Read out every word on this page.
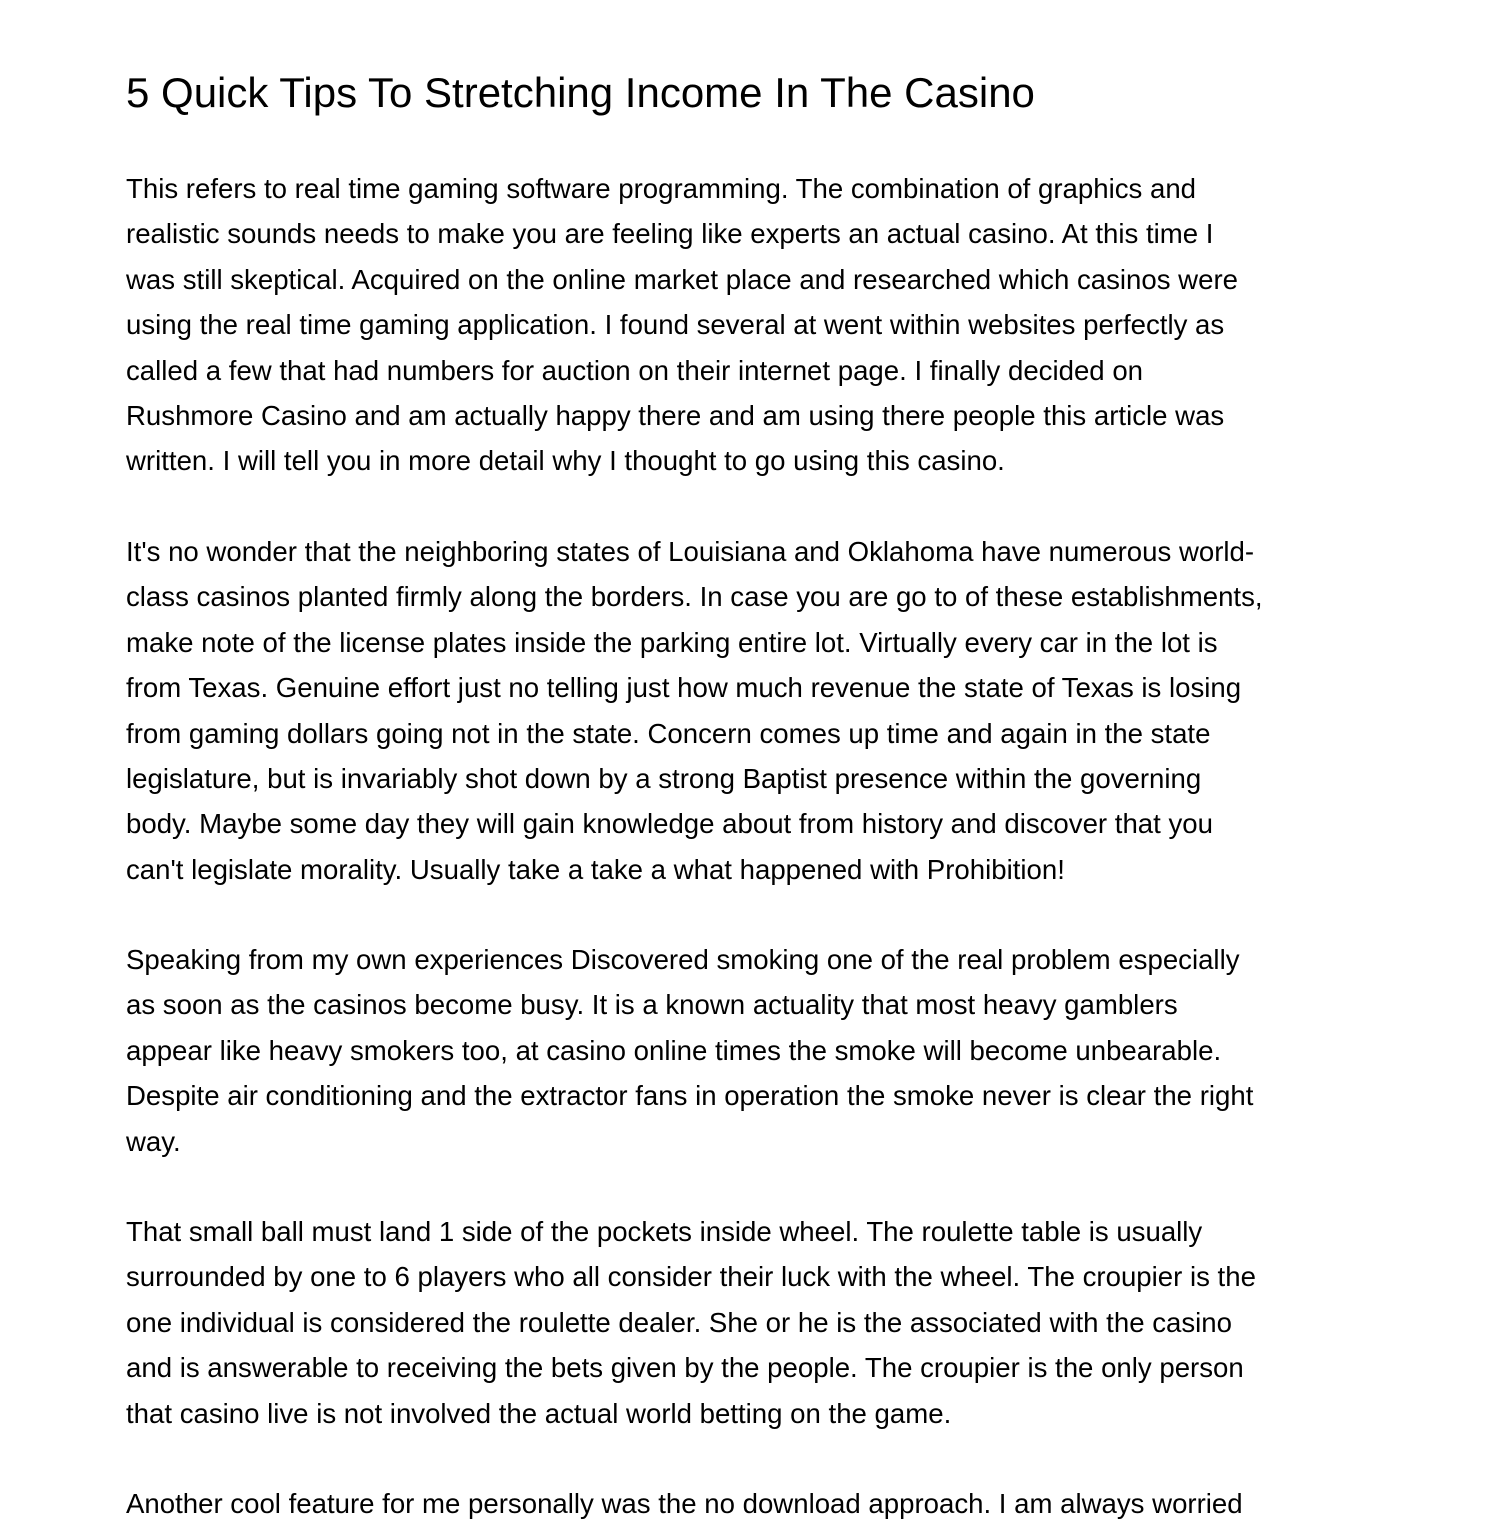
5 Quick Tips To Stretching Income In The Casino

This refers to real time gaming software programming. The combination of graphics and
realistic sounds needs to make you are feeling like experts an actual casino. At this time I
was still skeptical. Acquired on the online market place and researched which casinos were
using the real time gaming application. I found several at went within websites perfectly as
called a few that had numbers for auction on their internet page. I finally decided on
Rushmore Casino and am actually happy there and am using there people this article was
written. I will tell you in more detail why I thought to go using this casino.

It's no wonder that the neighboring states of Louisiana and Oklahoma have numerous world-
class casinos planted firmly along the borders. In case you are go to of these establishments,
make note of the license plates inside the parking entire lot. Virtually every car in the lot is
from Texas. Genuine effort just no telling just how much revenue the state of Texas is losing
from gaming dollars going not in the state. Concern comes up time and again in the state
legislature, but is invariably shot down by a strong Baptist presence within the governing
body. Maybe some day they will gain knowledge about from history and discover that you
can't legislate morality. Usually take a take a what happened with Prohibition!

Speaking from my own experiences Discovered smoking one of the real problem especially
as soon as the casinos become busy. It is a known actuality that most heavy gamblers
appear like heavy smokers too, at casino online times the smoke will become unbearable.
Despite air conditioning and the extractor fans in operation the smoke never is clear the right
way.

That small ball must land 1 side of the pockets inside wheel. The roulette table is usually
surrounded by one to 6 players who all consider their luck with the wheel. The croupier is the
one individual is considered the roulette dealer. She or he is the associated with the casino
and is answerable to receiving the bets given by the people. The croupier is the only person
that casino live is not involved the actual world betting on the game.

Another cool feature for me personally was the no download approach. I am always worried
